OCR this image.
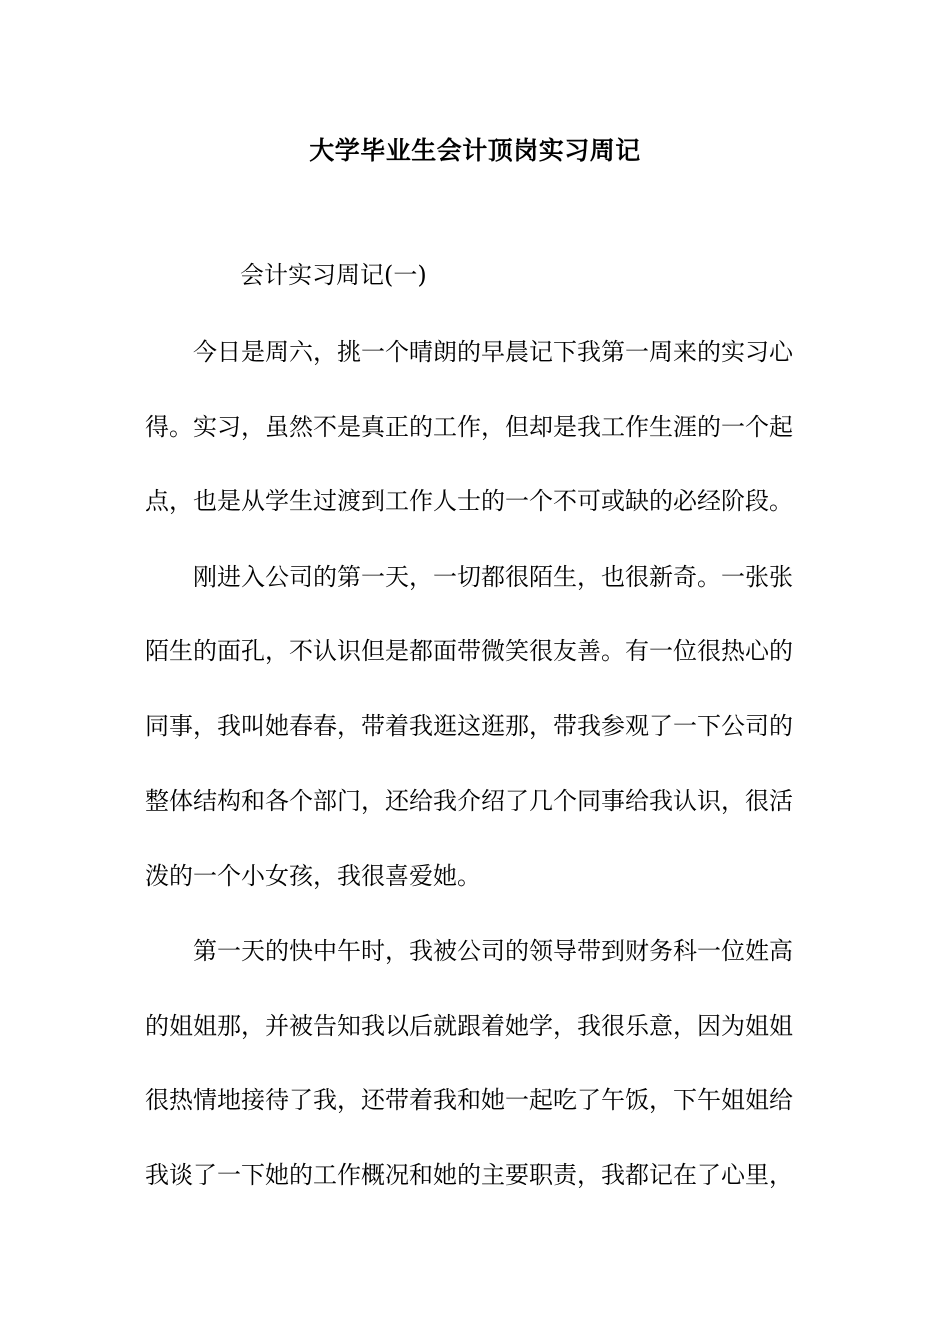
大学毕业生会计顶岗实习周记
会计实习周记(一)
今日是周六，挑一个晴朗的早晨记下我第一周来的实习心
得。实习，虽然不是真正的工作，但却是我工作生涯的一个起
点，也是从学生过渡到工作人士的一个不可或缺的必经阶段。
刚进入公司的第一天，一切都很陌生，也很新奇。一张张
陌生的面孔，不认识但是都面带微笑很友善。有一位很热心的
同事，我叫她春春，带着我逛这逛那，带我参观了一下公司的
整体结构和各个部门，还给我介绍了几个同事给我认识，很活
泼的一个小女孩，我很喜爱她。
第一天的快中午时，我被公司的领导带到财务科一位姓高
的姐姐那，并被告知我以后就跟着她学，我很乐意，因为姐姐
很热情地接待了我，还带着我和她一起吃了午饭，下午姐姐给
我谈了一下她的工作概况和她的主要职责，我都记在了心里，
